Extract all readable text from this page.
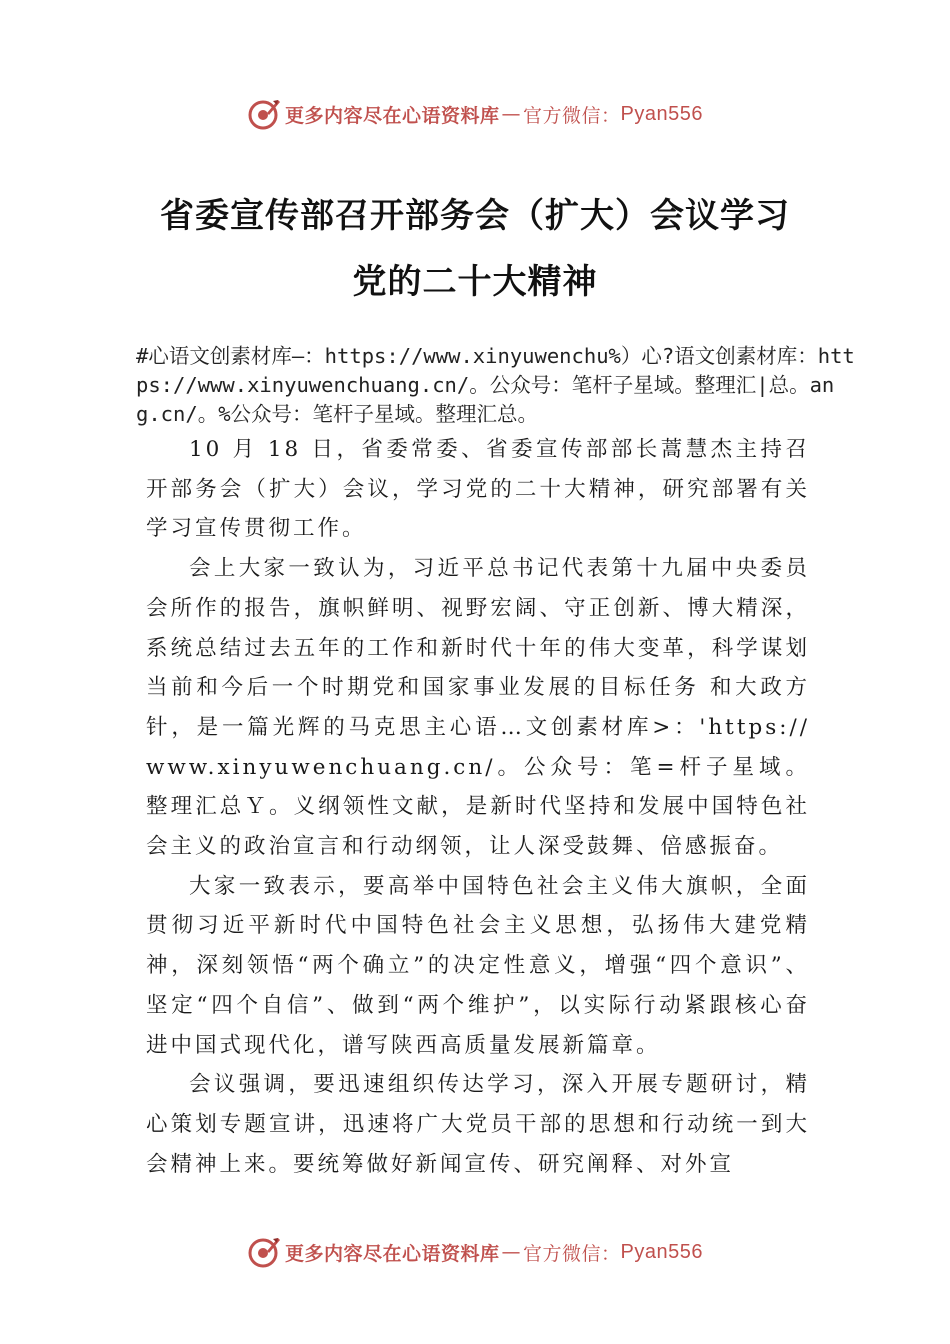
更多内容尽在心语资料库 — 官方微信： Pyan556
省委宣传部召开部务会（扩大）会议学习
党的二十大精神

#心语文创素材库—：https://www.xinyuwenchu%）心?语文创素材库：https://www.xinyuwenchuang.cn/。公众号：笔杆子星域。整理汇|总。ang.cn/。%公众号：笔杆子星域。整理汇总。

10 月 18 日，省委常委、省委宣传部部长蒿慧杰主持召开部务会（扩大）会议，学习党的二十大精神，研究部署有关学习宣传贯彻工作。

会上大家一致认为，习近平总书记代表第十九届中央委员会所作的报告，旗帜鲜明、视野宏阔、守正创新、博大精深，系统总结过去五年的工作和新时代十年的伟大变革，科学谋划当前和今后一个时期党和国家事业发展的目标任务 和大政方针，是一篇光辉的马克思主心语…文创素材库>：'https://www.xinyuwenchuang.cn/。公众号：笔=杆子星域。整理汇总Ｙ。义纲领性文献，是新时代坚持和发展中国特色社会主义的政治宣言和行动纲领，让人深受鼓舞、倍感振奋。

大家一致表示，要高举中国特色社会主义伟大旗帜，全面贯彻习近平新时代中国特色社会主义思想，弘扬伟大建党精神，深刻领悟“两个确立”的决定性意义，增强“四个意识”、坚定“四个自信”、做到“两个维护”，以实际行动紧跟核心奋进中国式现代化，谱写陕西高质量发展新篇章。

会议强调，要迅速组织传达学习，深入开展专题研讨，精心策划专题宣讲，迅速将广大党员干部的思想和行动统一到大会精神上来。要统筹做好新闻宣传、研究阐释、对外宣

更多内容尽在心语资料库 — 官方微信： Pyan556
